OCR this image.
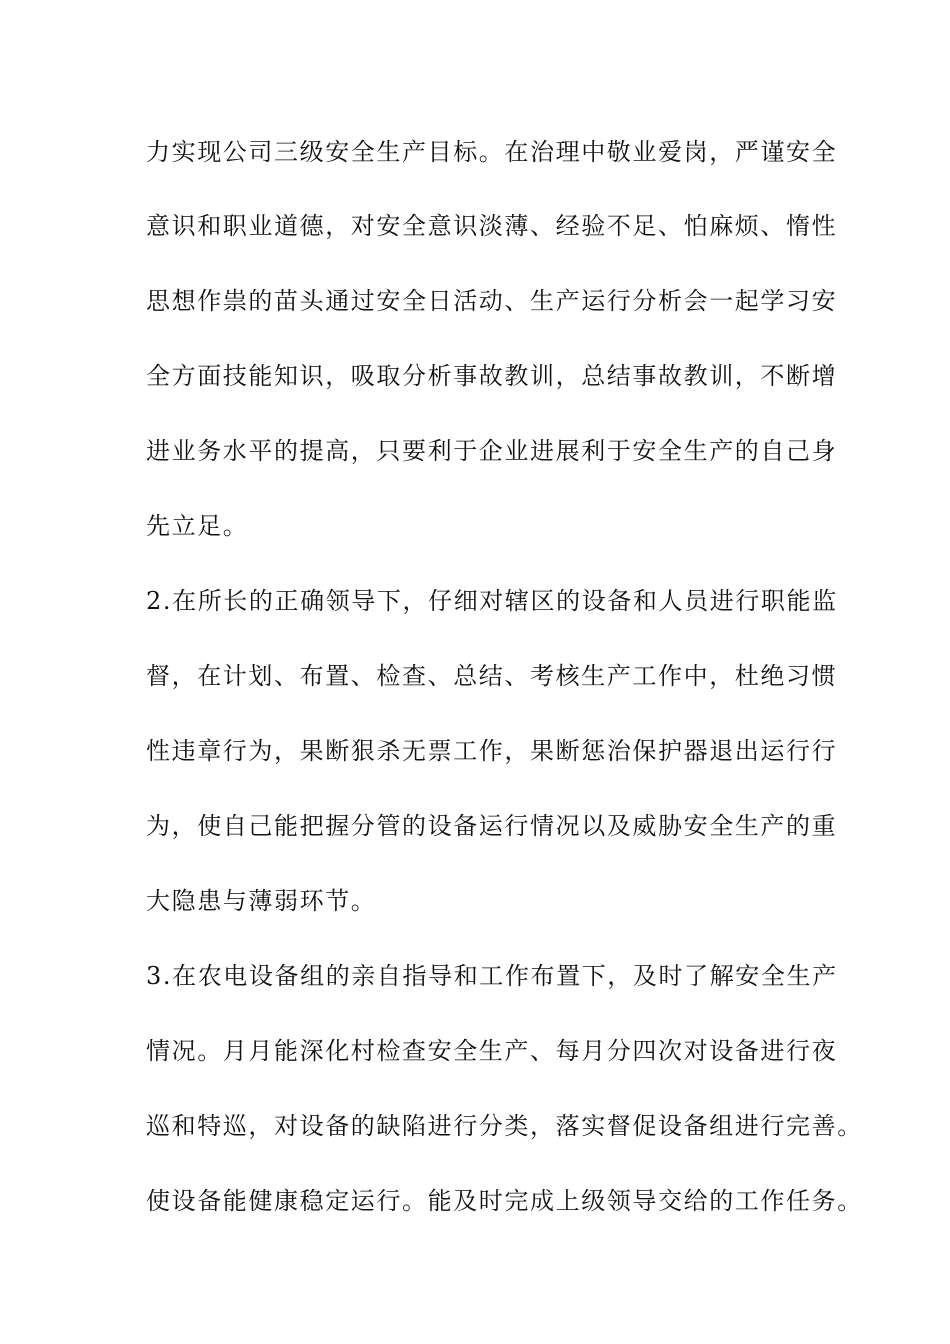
力实现公司三级安全生产目标。在治理中敬业爱岗，严谨安全
意识和职业道德，对安全意识淡薄、经验不足、怕麻烦、惰性
思想作祟的苗头通过安全日活动、生产运行分析会一起学习安
全方面技能知识，吸取分析事故教训，总结事故教训，不断增
进业务水平的提高，只要利于企业进展利于安全生产的自己身
先立足。
2.在所长的正确领导下，仔细对辖区的设备和人员进行职能监
督，在计划、布置、检查、总结、考核生产工作中，杜绝习惯
性违章行为，果断狠杀无票工作，果断惩治保护器退出运行行
为，使自己能把握分管的设备运行情况以及威胁安全生产的重
大隐患与薄弱环节。
3.在农电设备组的亲自指导和工作布置下，及时了解安全生产
情况。月月能深化村检查安全生产、每月分四次对设备进行夜
巡和特巡，对设备的缺陷进行分类，落实督促设备组进行完善。
使设备能健康稳定运行。能及时完成上级领导交给的工作任务。
